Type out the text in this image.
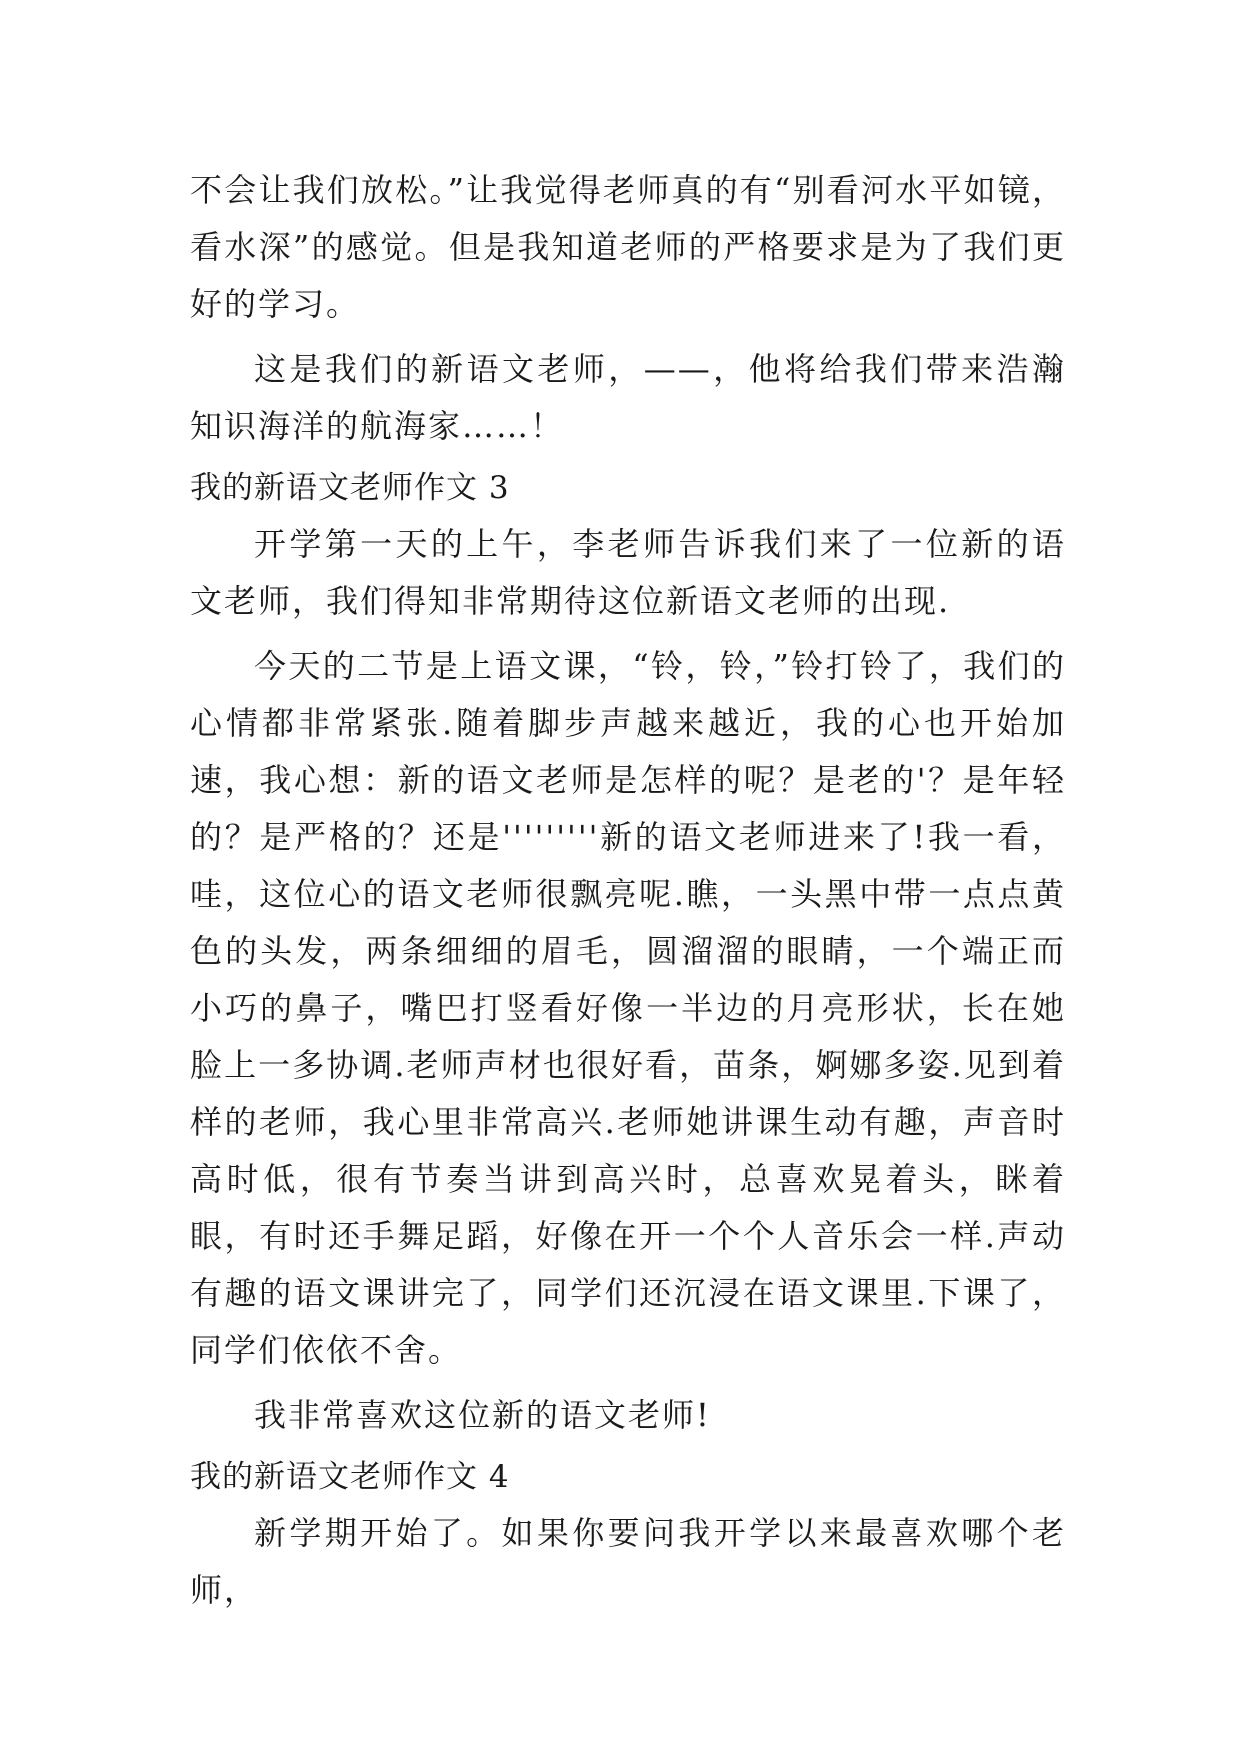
不会让我们放松。”让我觉得老师真的有“别看河水平如镜，看水深”的感觉。但是我知道老师的严格要求是为了我们更好的学习。

这是我们的新语文老师，——，他将给我们带来浩瀚知识海洋的航海家……！

我的新语文老师作文 3

开学第一天的上午，李老师告诉我们来了一位新的语文老师，我们得知非常期待这位新语文老师的出现.

今天的二节是上语文课，“铃，铃，”铃打铃了，我们的心情都非常紧张.随着脚步声越来越近，我的心也开始加速，我心想：新的语文老师是怎样的呢？是老的'？是年轻的？是严格的？还是'''''''''新的语文老师进来了!我一看，哇，这位心的语文老师很飘亮呢.瞧，一头黑中带一点点黄色的头发，两条细细的眉毛，圆溜溜的眼睛，一个端正而小巧的鼻子，嘴巴打竖看好像一半边的月亮形状，长在她脸上一多协调.老师声材也很好看，苗条，婀娜多姿.见到着样的老师，我心里非常高兴.老师她讲课生动有趣，声音时高时低，很有节奏当讲到高兴时，总喜欢晃着头，眯着眼，有时还手舞足蹈，好像在开一个个人音乐会一样.声动有趣的语文课讲完了，同学们还沉浸在语文课里.下课了，同学们依依不舍。

我非常喜欢这位新的语文老师!

我的新语文老师作文 4

新学期开始了。如果你要问我开学以来最喜欢哪个老师，
